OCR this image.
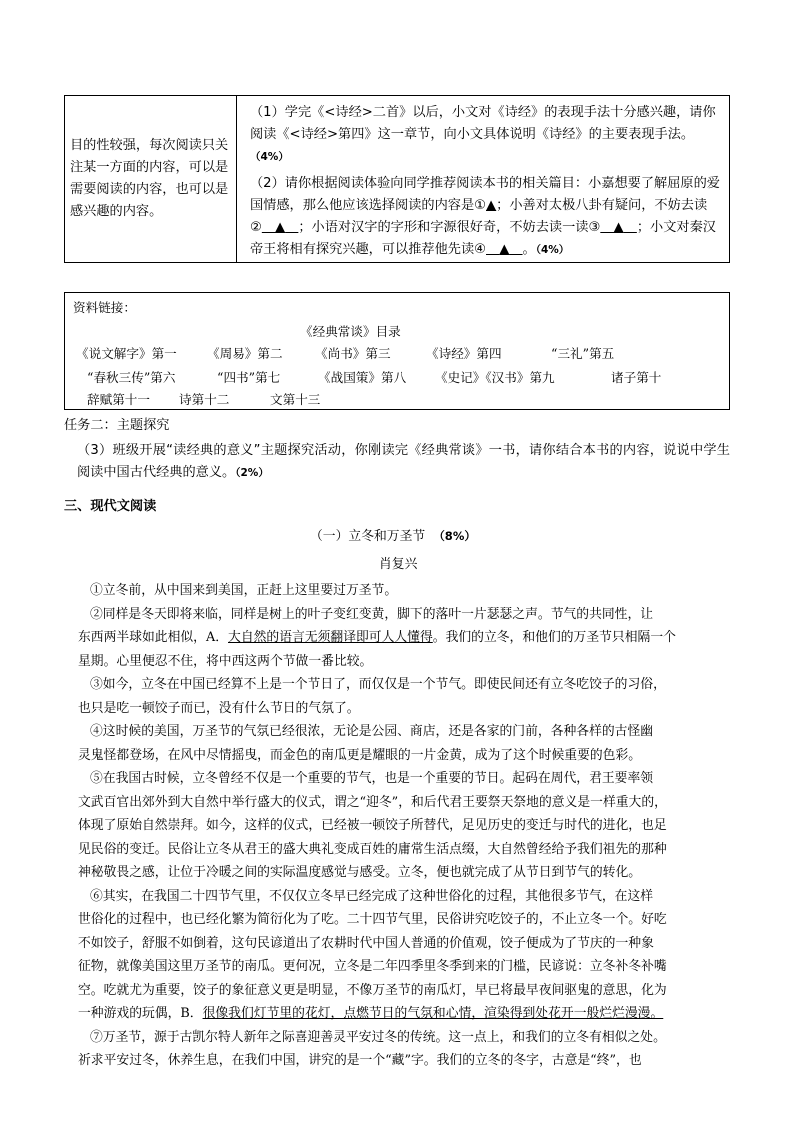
目的性较强，每次阅读只关注某一方面的内容，可以是需要阅读的内容，也可以是感兴趣的内容。
（1）学完《<诗经>二首》以后，小文对《诗经》的表现手法十分感兴趣，请你阅读《<诗经>第四》这一章节，向小文具体说明《诗经》的主要表现手法。
（4%）
（2）请你根据阅读体验向同学推荐阅读本书的相关篇目：小嘉想要了解屈原的爱国情感，那么他应该选择阅读的内容是①▲；小善对太极八卦有疑问，不妨去读②  ▲  ；小语对汉字的字形和字源很好奇，不妨去读一读③  ▲  ；小文对秦汉帝王将相有探究兴趣，可以推荐他先读④  ▲  。（4%）
资料链接：
《经典常谈》目录
《说文解字》第一 《周易》第二	《尚书》第三	《诗经》第四	“三礼”第五
“春秋三传”第六	“四书”第七	《战国策》第八 《史记》《汉书》第九	诸子第十
辞赋第十一 诗第十二	文第十三
任务二：主题探究
（3）班级开展“读经典的意义”主题探究活动，你刚读完《经典常谈》一书，请你结合本书的内容，说说中学生阅读中国古代经典的意义。（2%）
三、现代文阅读
（一）立冬和万圣节 （8%）
肖复兴
①立冬前，从中国来到美国，正赶上这里要过万圣节。
②同样是冬天即将来临，同样是树上的叶子变红变黄，脚下的落叶一片瑟瑟之声。节气的共同性，让
东西两半球如此相似，A．大自然的语言无须翻译即可人人懂得。我们的立冬，和他们的万圣节只相隔一个
星期。心里便忍不住，将中西这两个节做一番比较。
③如今，立冬在中国已经算不上是一个节日了，而仅仅是一个节气。即使民间还有立冬吃饺子的习俗，
也只是吃一顿饺子而已，没有什么节日的气氛了。
④这时候的美国，万圣节的气氛已经很浓，无论是公园、商店，还是各家的门前，各种各样的古怪幽
灵鬼怪都登场，在风中尽情摇曳，而金色的南瓜更是耀眼的一片金黄，成为了这个时候重要的色彩。
⑤在我国古时候，立冬曾经不仅是一个重要的节气，也是一个重要的节日。起码在周代，君王要率领
文武百官出郊外到大自然中举行盛大的仪式，谓之“迎冬”，和后代君王要祭天祭地的意义是一样重大的，
体现了原始自然崇拜。如今，这样的仪式，已经被一顿饺子所替代，足见历史的变迁与时代的进化，也足
见民俗的变迁。民俗让立冬从君王的盛大典礼变成百姓的庸常生活点缀，大自然曾经给予我们祖先的那种
神秘敬畏之感，让位于冷暖之间的实际温度感觉与感受。立冬，便也就完成了从节日到节气的转化。
⑥其实，在我国二十四节气里，不仅仅立冬早已经完成了这种世俗化的过程，其他很多节气，在这样
世俗化的过程中，也已经化繁为简衍化为了吃。二十四节气里，民俗讲究吃饺子的，不止立冬一个。好吃
不如饺子，舒服不如倒着，这句民谚道出了农耕时代中国人普通的价值观，饺子便成为了节庆的一种象
征物，就像美国这里万圣节的南瓜。更何况，立冬是二年四季里冬季到来的门槛，民谚说：立冬补冬补嘴
空。吃就尤为重要，饺子的象征意义更是明显，不像万圣节的南瓜灯，早已将最早夜间驱鬼的意思，化为
一种游戏的玩偶，B．很像我们灯节里的花灯，点燃节日的气氛和心情，渲染得到处花开一般烂烂漫漫。
⑦万圣节，源于古凯尔特人新年之际喜迎善灵平安过冬的传统。这一点上，和我们的立冬有相似之处。
祈求平安过冬，休养生息，在我们中国，讲究的是一个“藏”字。我们的立冬的冬字，古意是“终”，也
